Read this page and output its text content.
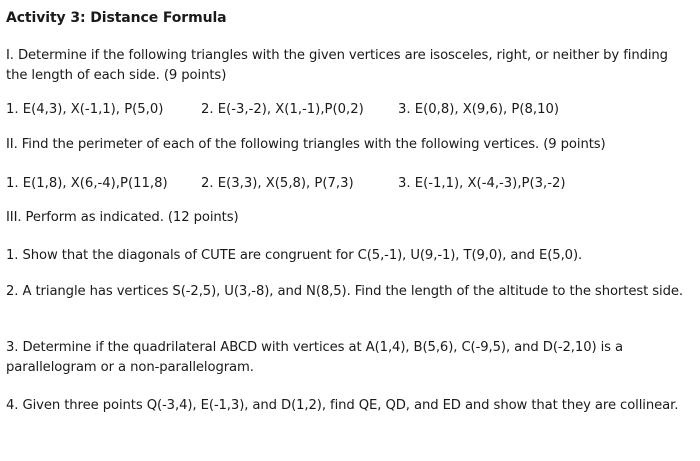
Activity 3: Distance Formula
I. Determine if the following triangles with the given vertices are isosceles, right, or neither by finding the length of each side. (9 points)
1. E(4,3), X(-1,1), P(5,0)	2. E(-3,-2), X(1,-1),P(0,2)	3. E(0,8), X(9,6), P(8,10)
II. Find the perimeter of each of the following triangles with the following vertices. (9 points)
1. E(1,8), X(6,-4),P(11,8)	2. E(3,3), X(5,8), P(7,3)	3. E(-1,1), X(-4,-3),P(3,-2)
III. Perform as indicated. (12 points)
1. Show that the diagonals of CUTE are congruent for C(5,-1), U(9,-1), T(9,0), and E(5,0).
2. A triangle has vertices S(-2,5), U(3,-8), and N(8,5). Find the length of the altitude to the shortest side.
3. Determine if the quadrilateral ABCD with vertices at A(1,4), B(5,6), C(-9,5), and D(-2,10) is a parallelogram or a non-parallelogram.
4. Given three points Q(-3,4), E(-1,3), and D(1,2), find QE, QD, and ED and show that they are collinear.
